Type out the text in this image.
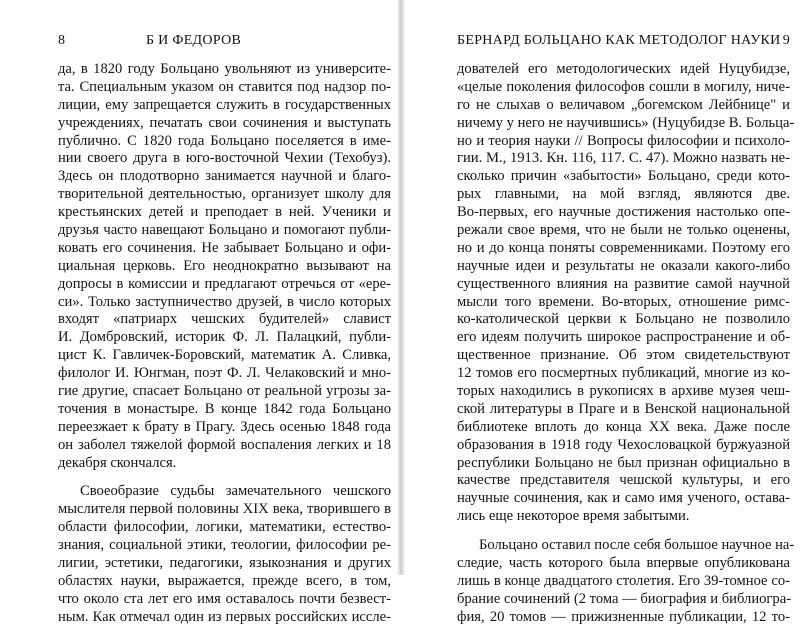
8	Б И ФЕДОРОВ
да, в 1820 году Больцано увольняют из университе-
та. Специальным указом он ставится под надзор по-
лиции, ему запрещается служить в государственных
учреждениях, печатать свои сочинения и выступать
публично. С 1820 года Больцано поселяется в име-
нии своего друга в юго-восточной Чехии (Техобуз).
Здесь он плодотворно занимается научной и благо-
творительной деятельностью, организует школу для
крестьянских детей и преподает в ней. Ученики и
друзья часто навещают Больцано и помогают публи-
ковать его сочинения. Не забывает Больцано и офи-
циальная церковь. Его неоднократно вызывают на
допросы в комиссии и предлагают отречься от «ере-
си». Только заступничество друзей, в число которых
входят «патриарх чешских будителей» славист
И. Домбровский, историк Ф. Л. Палацкий, публи-
цист К. Гавличек-Боровский, математик А. Сливка,
филолог И. Юнгман, поэт Ф. Л. Челаковский и мно-
гие другие, спасает Больцано от реальной угрозы за-
точения в монастыре. В конце 1842 года Больцано
переезжает к брату в Прагу. Здесь осенью 1848 года
он заболел тяжелой формой воспаления легких и 18
декабря скончался.
Своеобразие судьбы замечательного чешского
мыслителя первой половины XIX века, творившего в
области философии, логики, математики, естество-
знания, социальной этики, теологии, философии ре-
лигии, эстетики, педагогики, языкознания и других
областях науки, выражается, прежде всего, в том,
что около ста лет его имя оставалось почти безвест-
ным. Как отмечал один из первых российских иссле-
БЕРНАРД БОЛЬЦАНО КАК МЕТОДОЛОГ НАУКИ 9
дователей его методологических идей Нуцубидзе,
«целые поколения философов сошли в могилу, ниче-
го не слыхав о величавом „богемском Лейбнице" и
ничему у него не научившись» (Нуцубидзе В. Больца-
но и теория науки // Вопросы философии и психоло-
гии. М., 1913. Кн. 116, 117. С. 47). Можно назвать не-
сколько причин «забытости» Больцано, среди кото-
рых главными, на мой взгляд, являются две.
Во-первых, его научные достижения настолько опе-
режали свое время, что не были не только оценены,
но и до конца поняты современниками. Поэтому его
научные идеи и результаты не оказали какого-либо
существенного влияния на развитие самой научной
мысли того времени. Во-вторых, отношение римс-
ко-католической церкви к Больцано не позволило
его идеям получить широкое распространение и об-
щественное признание. Об этом свидетельствуют
12 томов его посмертных публикаций, многие из ко-
торых находились в рукописях в архиве музея чеш-
ской литературы в Праге и в Венской национальной
библиотеке вплоть до конца XX века. Даже после
образования в 1918 году Чехословацкой буржуазной
республики Больцано не был признан официально в
качестве представителя чешской культуры, и его
научные сочинения, как и само имя ученого, остава-
лись еще некоторое время забытыми.
Больцано оставил после себя большое научное на-
следие, часть которого была впервые опубликована
лишь в конце двадцатого столетия. Его 39-томное со-
брание сочинений (2 тома — биография и библиогра-
фия, 20 томов — прижизненные публикации, 12 то-
